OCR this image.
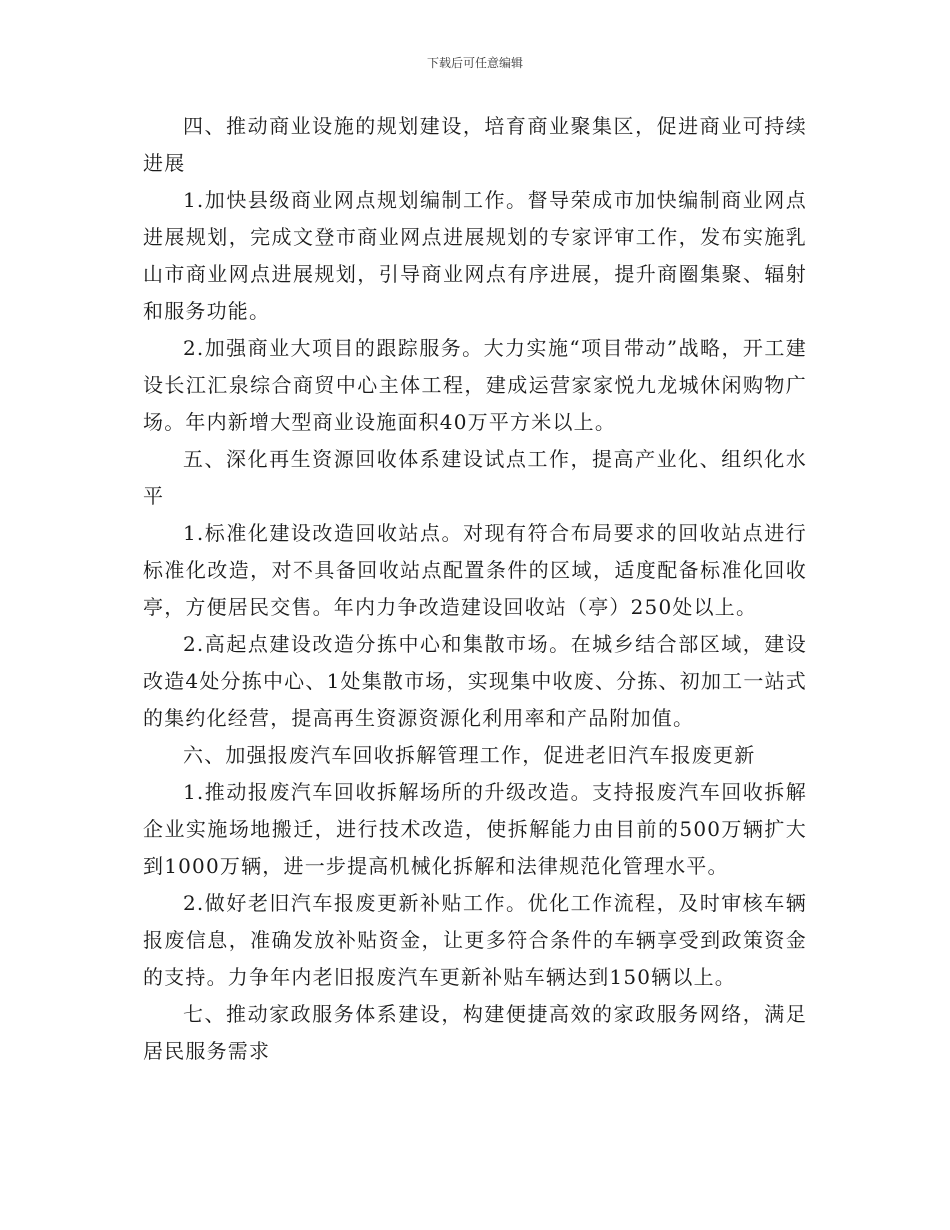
下载后可任意编辑

四、推动商业设施的规划建设，培育商业聚集区，促进商业可持续进展

1.加快县级商业网点规划编制工作。督导荣成市加快编制商业网点进展规划，完成文登市商业网点进展规划的专家评审工作，发布实施乳山市商业网点进展规划，引导商业网点有序进展，提升商圈集聚、辐射和服务功能。

2.加强商业大项目的跟踪服务。大力实施“项目带动”战略，开工建设长江汇泉综合商贸中心主体工程，建成运营家家悦九龙城休闲购物广场。年内新增大型商业设施面积40万平方米以上。

五、深化再生资源回收体系建设试点工作，提高产业化、组织化水平

1.标准化建设改造回收站点。对现有符合布局要求的回收站点进行标准化改造，对不具备回收站点配置条件的区域，适度配备标准化回收亭，方便居民交售。年内力争改造建设回收站（亭）250处以上。

2.高起点建设改造分拣中心和集散市场。在城乡结合部区域，建设改造4处分拣中心、1处集散市场，实现集中收废、分拣、初加工一站式的集约化经营，提高再生资源资源化利用率和产品附加值。

六、加强报废汽车回收拆解管理工作，促进老旧汽车报废更新

1.推动报废汽车回收拆解场所的升级改造。支持报废汽车回收拆解企业实施场地搬迁，进行技术改造，使拆解能力由目前的500万辆扩大到1000万辆，进一步提高机械化拆解和法律规范化管理水平。

2.做好老旧汽车报废更新补贴工作。优化工作流程，及时审核车辆报废信息，准确发放补贴资金，让更多符合条件的车辆享受到政策资金的支持。力争年内老旧报废汽车更新补贴车辆达到150辆以上。

七、推动家政服务体系建设，构建便捷高效的家政服务网络，满足居民服务需求
